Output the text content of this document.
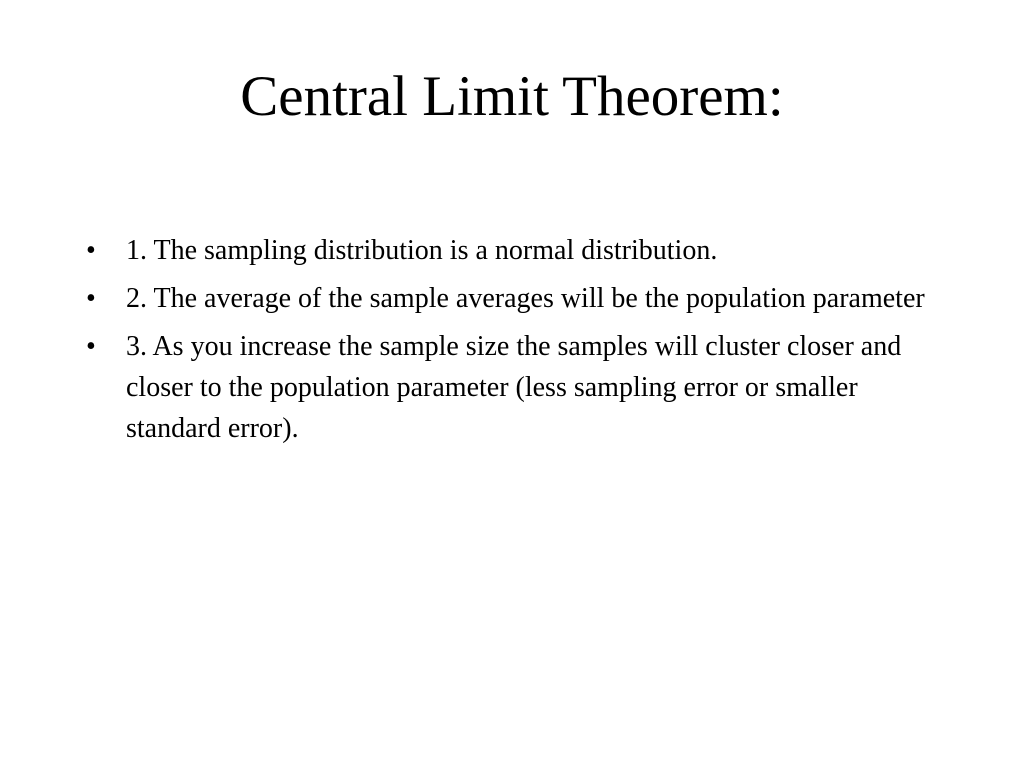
Central Limit Theorem:
•	1. The sampling distribution is a normal distribution.
•	2. The average of the sample averages will be the population parameter
•	3. As you increase the sample size the samples will cluster closer and closer to the population parameter (less sampling error or smaller standard error).
